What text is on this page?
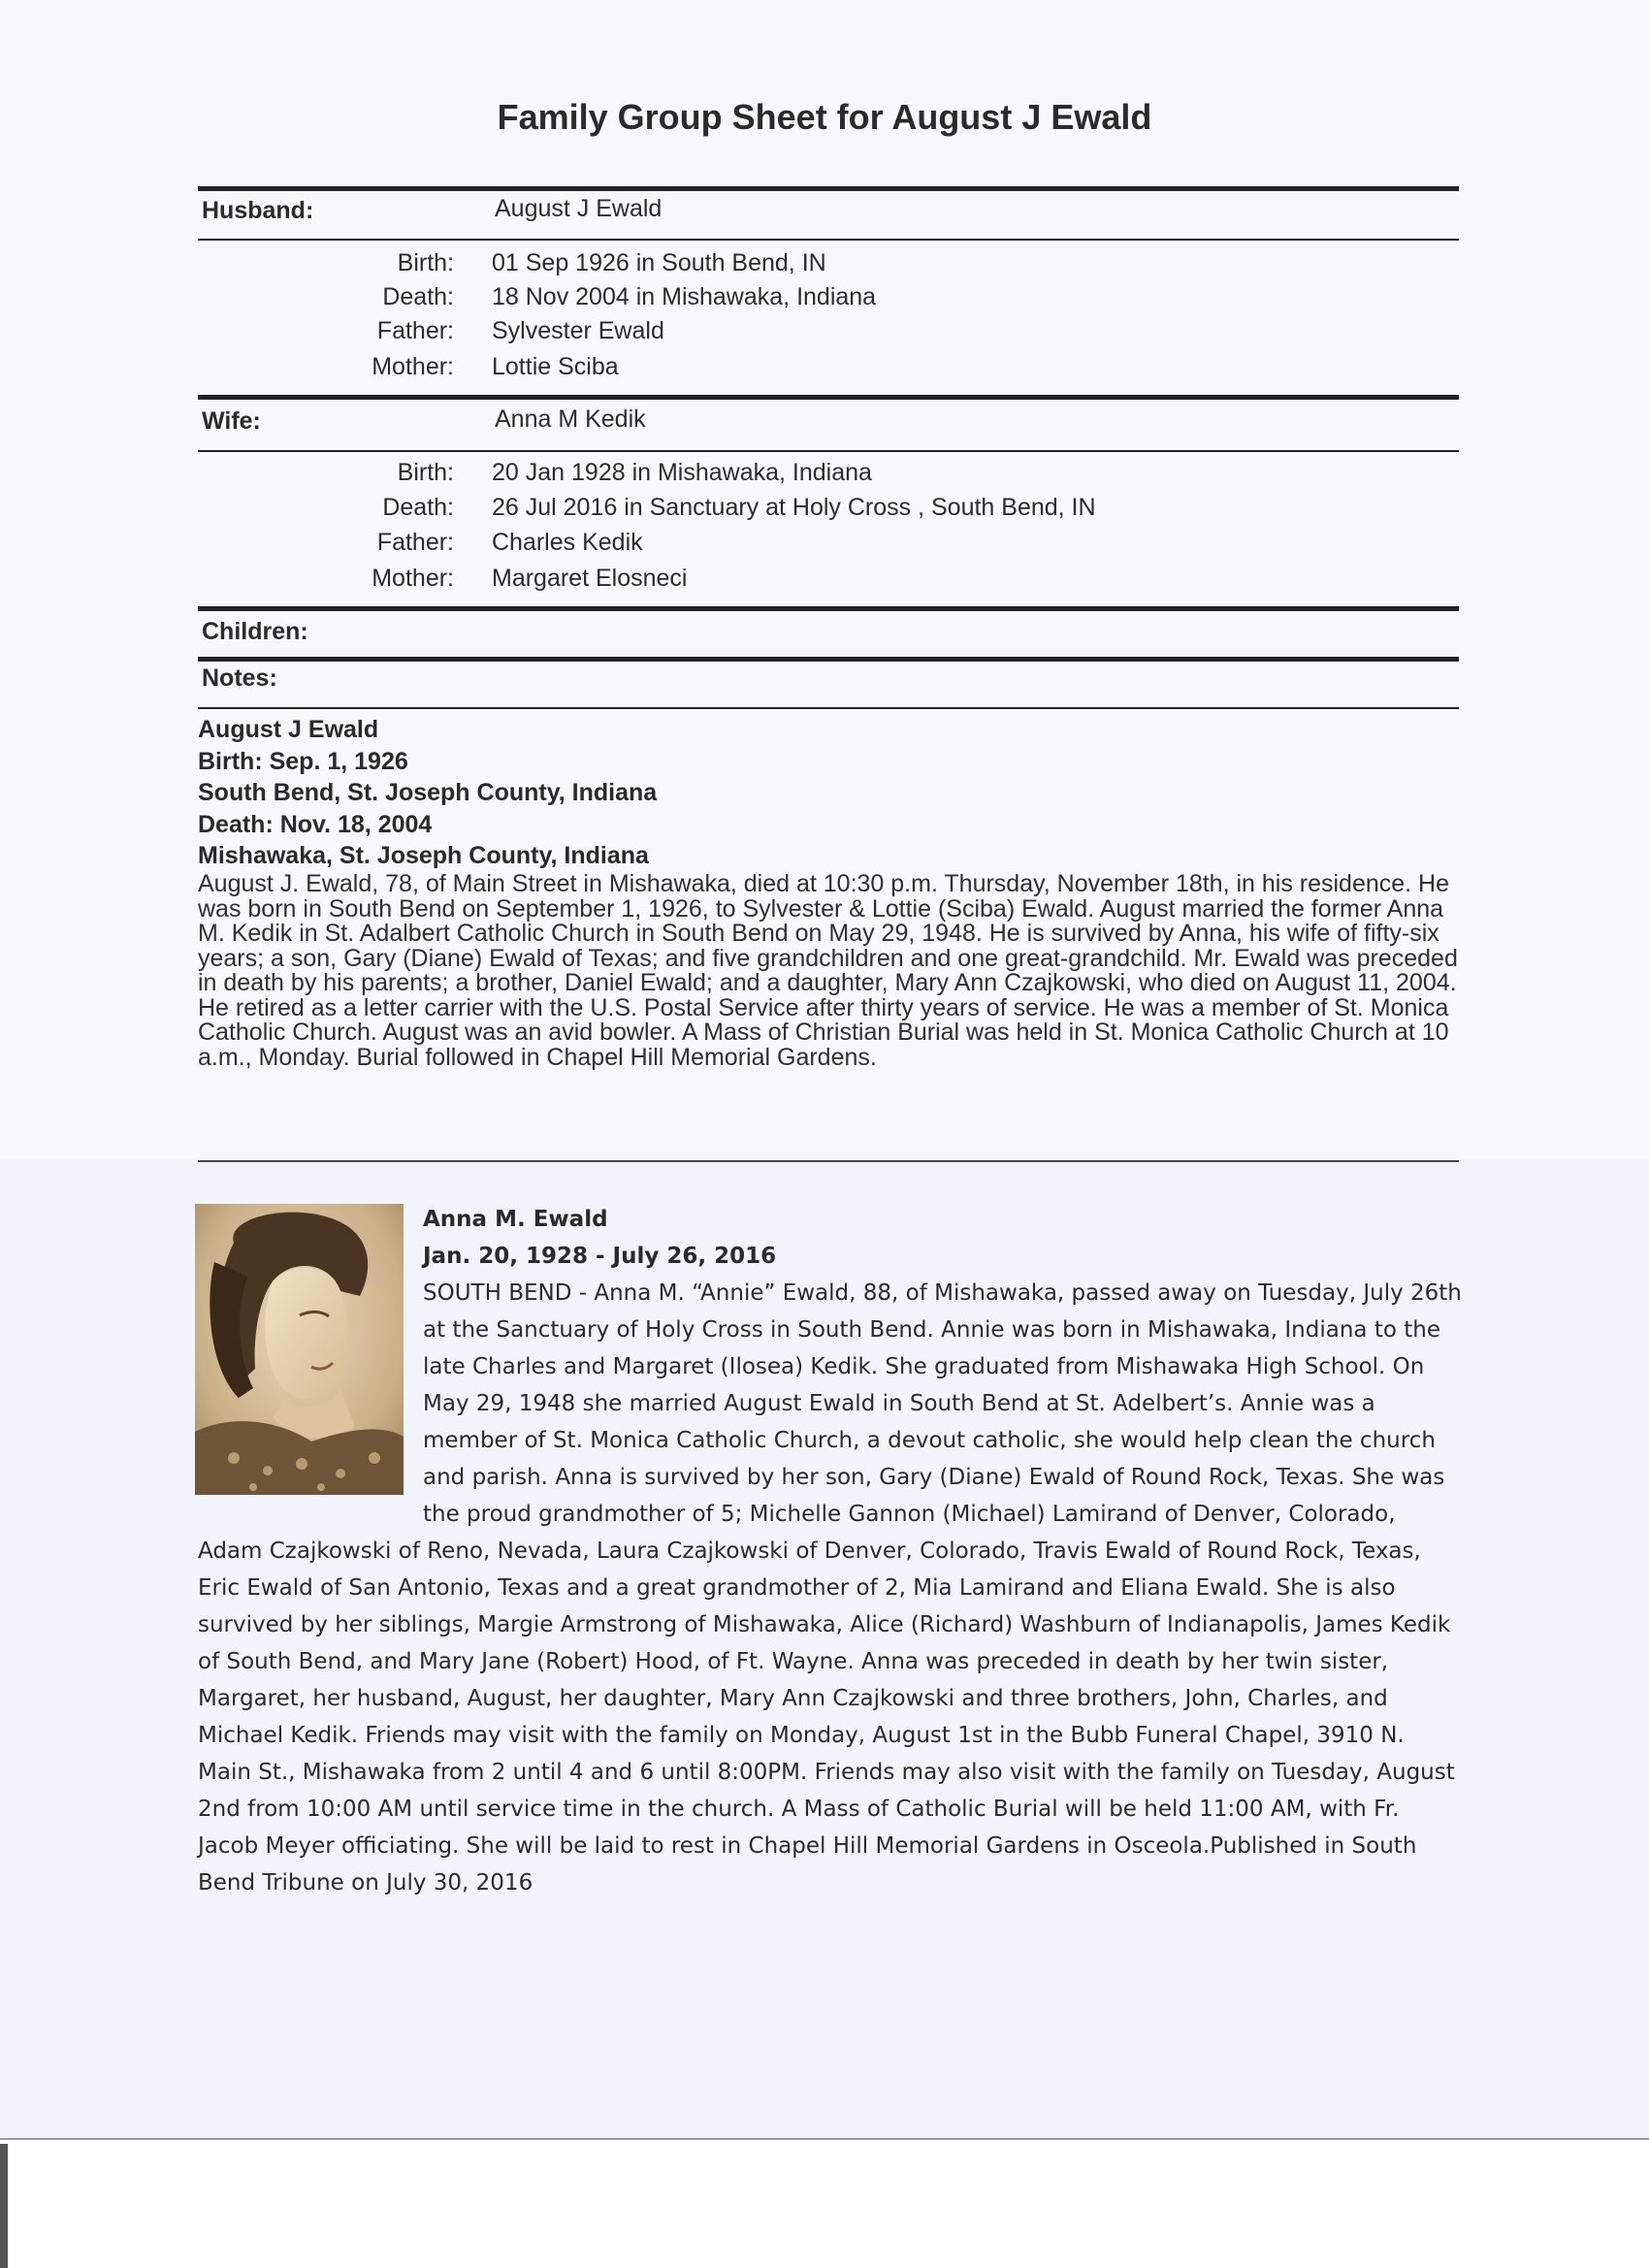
Family Group Sheet for August J Ewald
Husband:	August J Ewald
Birth: 01 Sep 1926 in South Bend, IN
Death: 18 Nov 2004 in Mishawaka, Indiana
Father: Sylvester Ewald
Mother: Lottie Sciba
Wife:	Anna M Kedik
Birth: 20 Jan 1928 in Mishawaka, Indiana
Death: 26 Jul 2016 in Sanctuary at Holy Cross , South Bend, IN
Father: Charles Kedik
Mother: Margaret Elosneci
Children:
Notes:
August J Ewald
Birth: Sep. 1, 1926
South Bend, St. Joseph County, Indiana
Death: Nov. 18, 2004
Mishawaka, St. Joseph County, Indiana
August J. Ewald, 78, of Main Street in Mishawaka, died at 10:30 p.m. Thursday, November 18th, in his residence. He was born in South Bend on September 1, 1926, to Sylvester & Lottie (Sciba) Ewald. August married the former Anna M. Kedik in St. Adalbert Catholic Church in South Bend on May 29, 1948. He is survived by Anna, his wife of fifty-six years; a son, Gary (Diane) Ewald of Texas; and five grandchildren and one great-grandchild. Mr. Ewald was preceded in death by his parents; a brother, Daniel Ewald; and a daughter, Mary Ann Czajkowski, who died on August 11, 2004. He retired as a letter carrier with the U.S. Postal Service after thirty years of service. He was a member of St. Monica Catholic Church. August was an avid bowler. A Mass of Christian Burial was held in St. Monica Catholic Church at 10 a.m., Monday. Burial followed in Chapel Hill Memorial Gardens.
Anna M. Ewald
Jan. 20, 1928 - July 26, 2016
SOUTH BEND - Anna M. “Annie” Ewald, 88, of Mishawaka, passed away on Tuesday, July 26th at the Sanctuary of Holy Cross in South Bend. Annie was born in Mishawaka, Indiana to the late Charles and Margaret (Ilosea) Kedik. She graduated from Mishawaka High School. On May 29, 1948 she married August Ewald in South Bend at St. Adelbert’s. Annie was a member of St. Monica Catholic Church, a devout catholic, she would help clean the church and parish. Anna is survived by her son, Gary (Diane) Ewald of Round Rock, Texas. She was the proud grandmother of 5; Michelle Gannon (Michael) Lamirand of Denver, Colorado, Adam Czajkowski of Reno, Nevada, Laura Czajkowski of Denver, Colorado, Travis Ewald of Round Rock, Texas, Eric Ewald of San Antonio, Texas and a great grandmother of 2, Mia Lamirand and Eliana Ewald. She is also survived by her siblings, Margie Armstrong of Mishawaka, Alice (Richard) Washburn of Indianapolis, James Kedik of South Bend, and Mary Jane (Robert) Hood, of Ft. Wayne. Anna was preceded in death by her twin sister, Margaret, her husband, August, her daughter, Mary Ann Czajkowski and three brothers, John, Charles, and Michael Kedik. Friends may visit with the family on Monday, August 1st in the Bubb Funeral Chapel, 3910 N. Main St., Mishawaka from 2 until 4 and 6 until 8:00PM. Friends may also visit with the family on Tuesday, August 2nd from 10:00 AM until service time in the church. A Mass of Catholic Burial will be held 11:00 AM, with Fr. Jacob Meyer officiating. She will be laid to rest in Chapel Hill Memorial Gardens in Osceola.Published in South Bend Tribune on July 30, 2016
